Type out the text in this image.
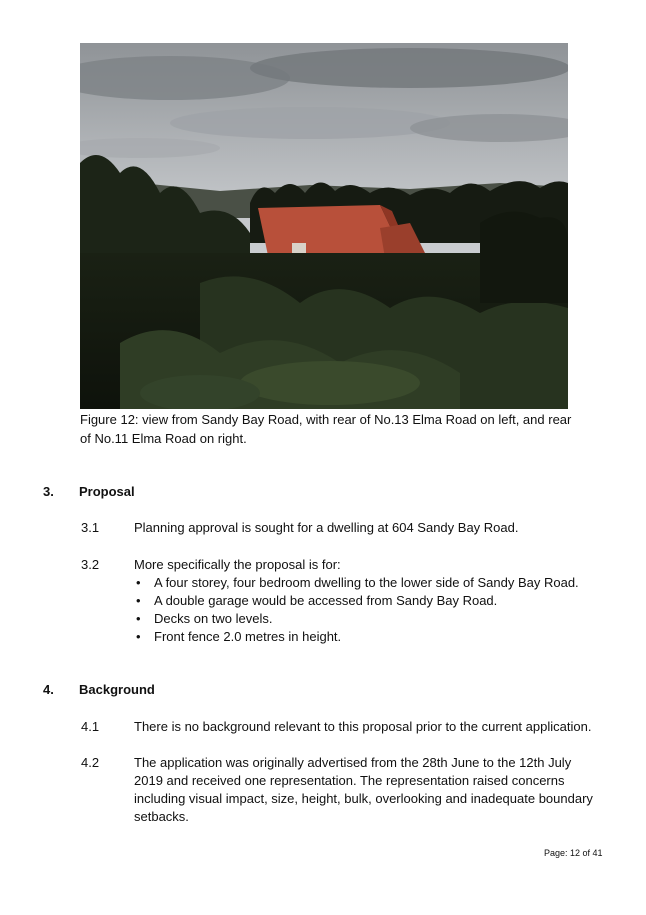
Figure 12: view from Sandy Bay Road, with rear of No.13 Elma Road on left, and rear of No.11 Elma Road on right.

3. Proposal
3.1	Planning approval is sought for a dwelling at 604 Sandy Bay Road.
3.2	More specifically the proposal is for:
• A four storey, four bedroom dwelling to the lower side of Sandy Bay Road.
• A double garage would be accessed from Sandy Bay Road.
• Decks on two levels.
• Front fence 2.0 metres in height.
4. Background
4.1	There is no background relevant to this proposal prior to the current application.
4.2	The application was originally advertised from the 28th June to the 12th July 2019 and received one representation. The representation raised concerns including visual impact, size, height, bulk, overlooking and inadequate boundary setbacks.
Page: 12 of 41
